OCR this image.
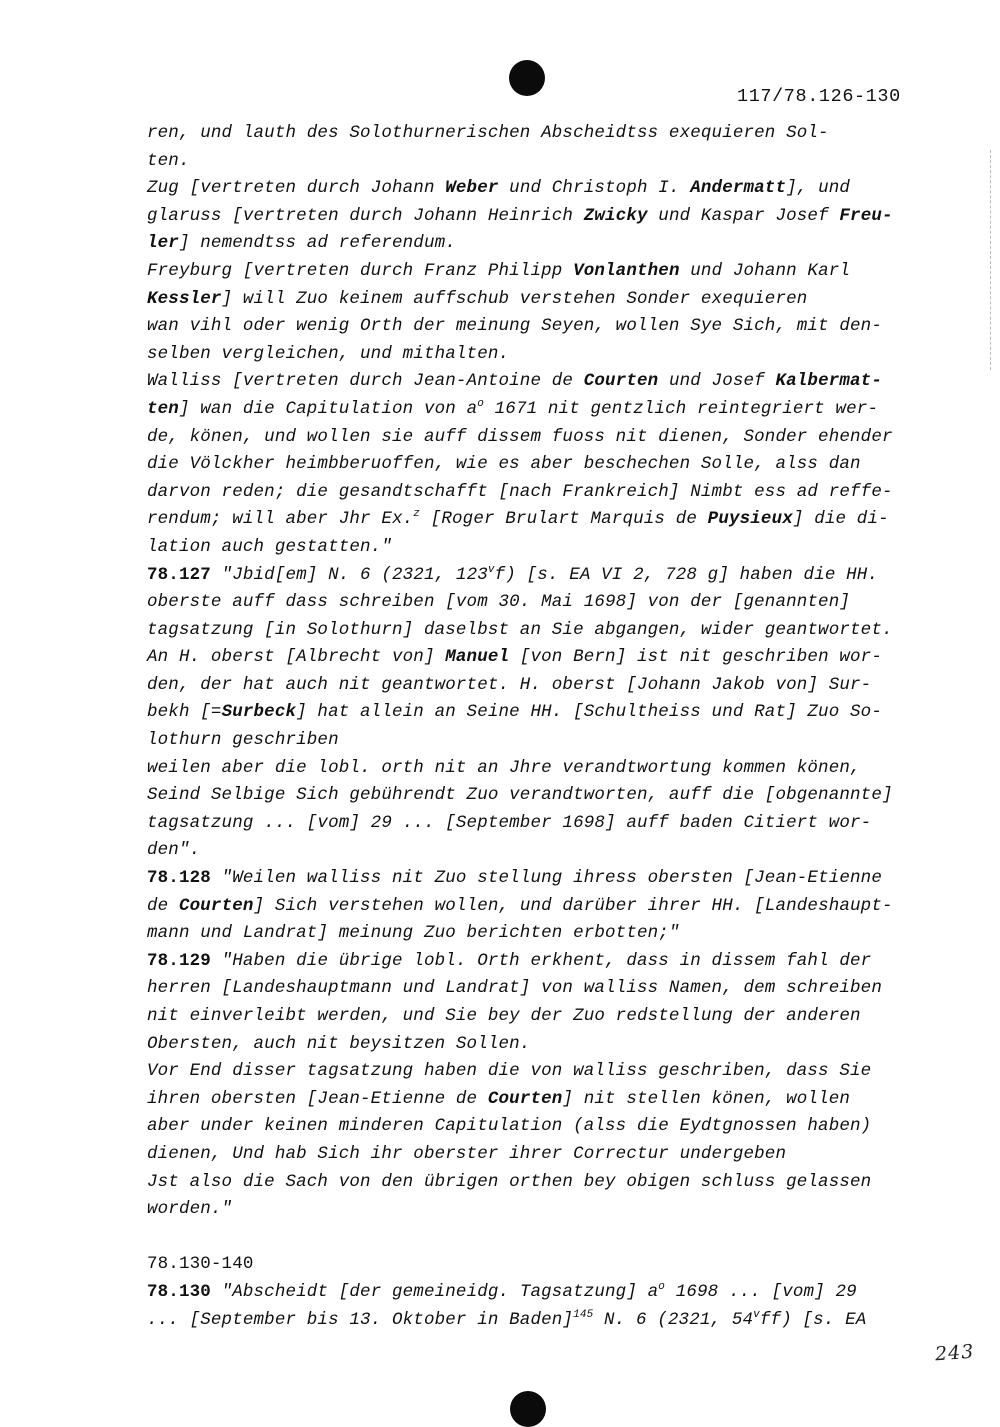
117/78.126-130
ren, und lauth des Solothurnerischen Abscheidtss exequieren Sol-
ten.
Zug [vertreten durch Johann Weber und Christoph I. Andermatt], und
glaruss [vertreten durch Johann Heinrich Zwicky und Kaspar Josef Freu-
ler] nemendtss ad referendum.
Freyburg [vertreten durch Franz Philipp Vonlanthen und Johann Karl
Kessler] will Zuo keinem auffschub verstehen Sonder exequieren
wan vihl oder wenig Orth der meinung Seyen, wollen Sye Sich, mit den-
selben vergleichen, und mithalten.
Walliss [vertreten durch Jean-Antoine de Courten und Josef Kalbermat-
ten] wan die Capitulation von $a^o$ 1671 nit gentzlich reintegriert wer-
de, könen, und wollen sie auff dissem fuoss nit dienen, Sonder ehender
die Völckher heimbberuoffen, wie es aber beschechen Solle, alss dan
darvon reden; die gesandtschafft [nach Frankreich] Nimbt ess ad reffe-
rendum; will aber Jhr Ex.$^z$ [Roger Brulart Marquis de Puysieux] die di-
lation auch gestatten."
78.127 "Jbid[em] N. 6 (2321, 123$^v$f) [s. EA VI 2, 728 g] haben die HH.
oberste auff dass schreiben [vom 30. Mai 1698] von der [genannten]
tagsatzung [in Solothurn] daselbst an Sie abgangen, wider geantwortet.
An H. oberst [Albrecht von] Manuel [von Bern] ist nit geschriben wor-
den, der hat auch nit geantwortet. H. oberst [Johann Jakob von] Sur-
bekh [=Surbeck] hat allein an Seine HH. [Schultheiss und Rat] Zuo So-
lothurn geschriben
weilen aber die lobl. orth nit an Jhre verandtwortung kommen könen,
Seind Selbige Sich gebührendt Zuo verandtworten, auff die [obgenannte]
tagsatzung ... [vom] 29 ... [September 1698] auff baden Citiert wor-
den".
78.128 "Weilen walliss nit Zuo stellung ihress obersten [Jean-Etienne
de Courten] Sich verstehen wollen, und darüber ihrer HH. [Landeshaupt-
mann und Landrat] meinung Zuo berichten erbotten;"
78.129 "Haben die übrige lobl. Orth erkhent, dass in dissem fahl der
herren [Landeshauptmann und Landrat] von walliss Namen, dem schreiben
nit einverleibt werden, und Sie bey der Zuo redstellung der anderen
Obersten, auch nit beysitzen Sollen.
Vor End disser tagsatzung haben die von walliss geschriben, dass Sie
ihren obersten [Jean-Etienne de Courten] nit stellen könen, wollen
aber under keinen minderen Capitulation (alss die Eydtgnossen haben)
dienen, Und hab Sich ihr oberster ihrer Correctur undergeben
Jst also die Sach von den übrigen orthen bey obigen schluss gelassen
worden."
78.130-140
78.130 "Abscheidt [der gemeineidg. Tagsatzung] $a^o$ 1698 ... [vom] 29
... [September bis 13. Oktober in Baden]$^{145}$ N. 6 (2321, 54$^v$ff) [s. EA
243
